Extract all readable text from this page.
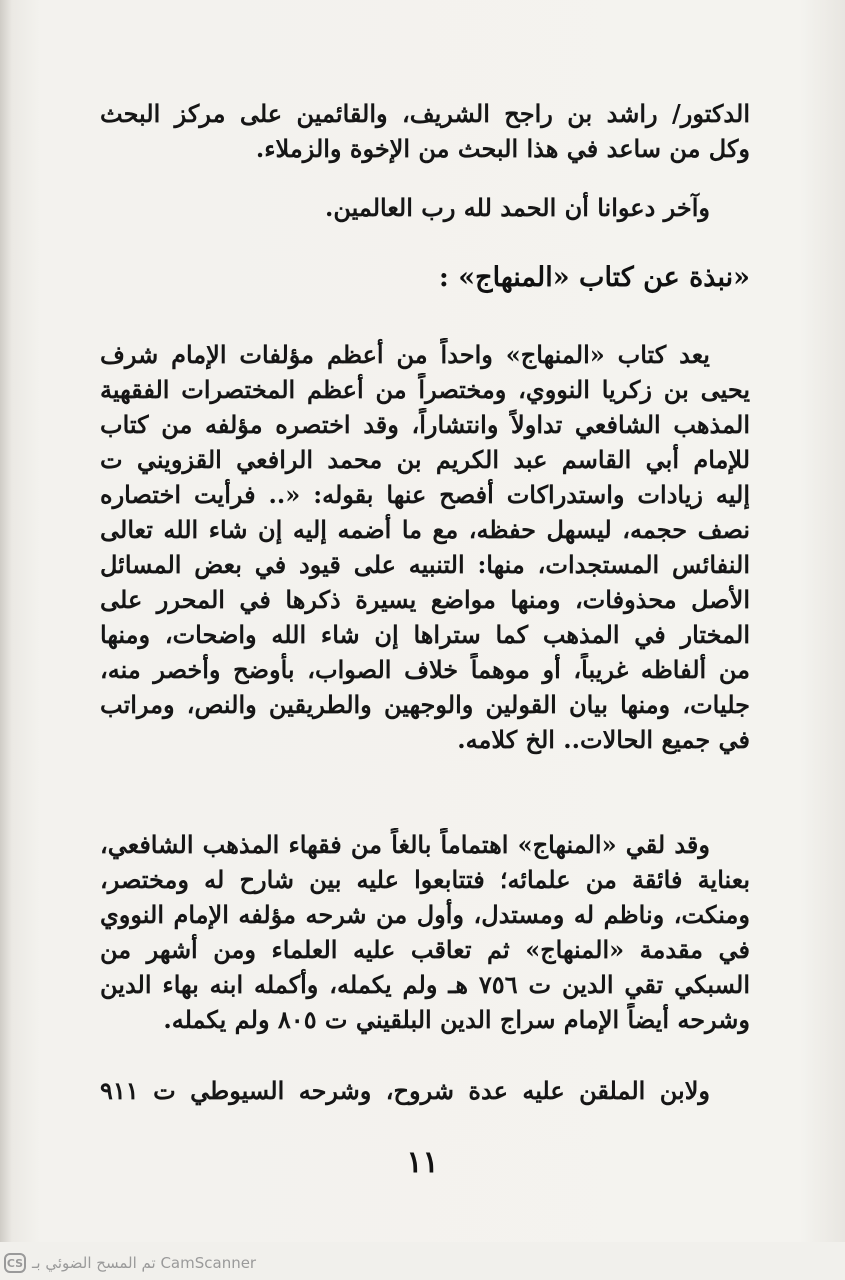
الدكتور/ راشد بن راجح الشريف، والقائمين على مركز البحث
وكل من ساعد في هذا البحث من الإخوة والزملاء.
وآخر دعوانا أن الحمد لله رب العالمين.
«نبذة عن كتاب «المنهاج» :
يعد كتاب «المنهاج» واحداً من أعظم مؤلفات الإمام شرف
يحيى بن زكريا النووي، ومختصراً من أعظم المختصرات الفقهية
المذهب الشافعي تداولاً وانتشاراً، وقد اختصره مؤلفه من كتاب
للإمام أبي القاسم عبد الكريم بن محمد الرافعي القزويني ت
إليه زيادات واستدراكات أفصح عنها بقوله: «.. فرأيت اختصاره
نصف حجمه، ليسهل حفظه، مع ما أضمه إليه إن شاء الله تعالى
النفائس المستجدات، منها: التنبيه على قيود في بعض المسائل
الأصل محذوفات، ومنها مواضع يسيرة ذكرها في المحرر على
المختار في المذهب كما ستراها إن شاء الله واضحات، ومنها
من ألفاظه غريباً، أو موهماً خلاف الصواب، بأوضح وأخصر منه،
جليات، ومنها بيان القولين والوجهين والطريقين والنص، ومراتب
في جميع الحالات.. الخ كلامه.
وقد لقي «المنهاج» اهتماماً بالغاً من فقهاء المذهب الشافعي،
بعناية فائقة من علمائه؛ فتتابعوا عليه بين شارح له ومختصر،
ومنكت، وناظم له ومستدل، وأول من شرحه مؤلفه الإمام النووي
في مقدمة «المنهاج» ثم تعاقب عليه العلماء ومن أشهر من
السبكي تقي الدين ت ٧٥٦ هـ ولم يكمله، وأكمله ابنه بهاء الدين
وشرحه أيضاً الإمام سراج الدين البلقيني ت ٨٠٥ ولم يكمله.
ولابن الملقن عليه عدة شروح، وشرحه السيوطي ت ٩١١
١١
CS تم المسح الضوئي بـ CamScanner
